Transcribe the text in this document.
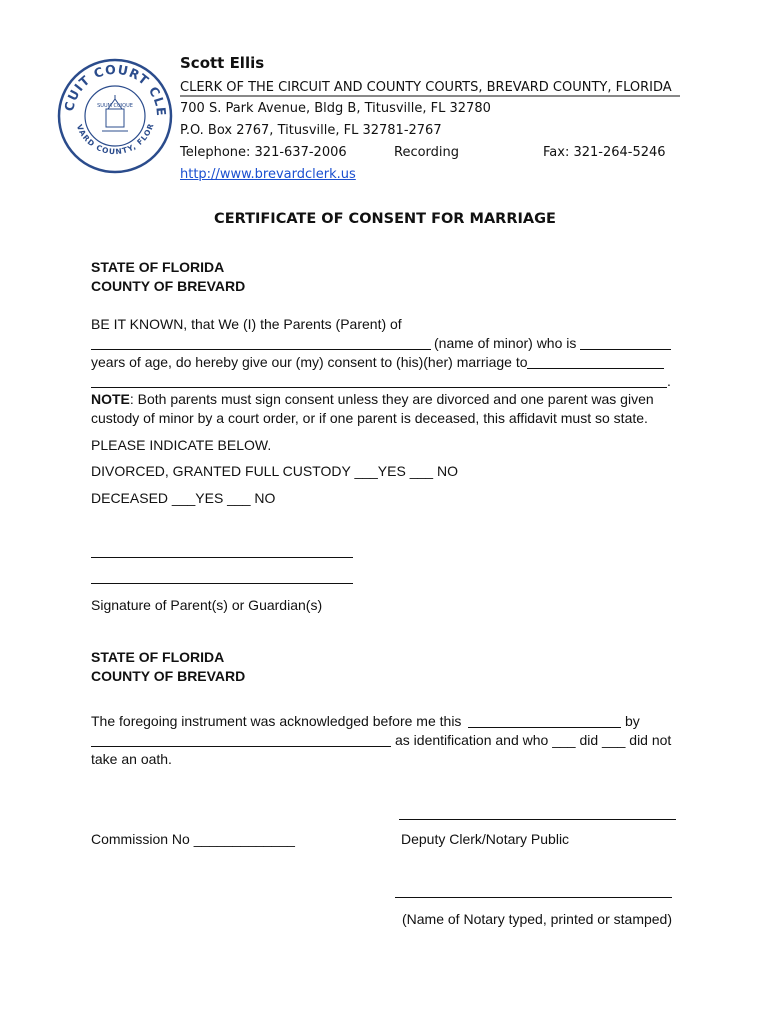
CUIT COURT CLE
VARD COUNTY, FLOR
SUUM CUIQUE
Scott Ellis
CLERK OF THE CIRCUIT AND COUNTY COURTS, BREVARD COUNTY, FLORIDA
700 S. Park Avenue, Bldg B, Titusville, FL 32780
P.O. Box 2767, Titusville, FL 32781-2767
Telephone: 321-637-2006	Recording	Fax: 321-264-5246
http://www.brevardclerk.us
CERTIFICATE OF CONSENT FOR MARRIAGE
STATE OF FLORIDA
COUNTY OF BREVARD
BE IT KNOWN, that We (I) the Parents (Parent) of
(name of minor) who is
years of age, do hereby give our (my) consent to (his)(her) marriage to
.
NOTE: Both parents must sign consent unless they are divorced and one parent was given
custody of minor by a court order, or if one parent is deceased, this affidavit must so state.
PLEASE INDICATE BELOW.
DIVORCED, GRANTED FULL CUSTODY ___YES ___ NO
DECEASED ___YES ___ NO
Signature of Parent(s) or Guardian(s)
STATE OF FLORIDA
COUNTY OF BREVARD
The foregoing instrument was acknowledged before me this	by
as identification and who ___ did ___ did not
take an oath.
Commission No _____________	Deputy Clerk/Notary Public
(Name of Notary typed, printed or stamped)
